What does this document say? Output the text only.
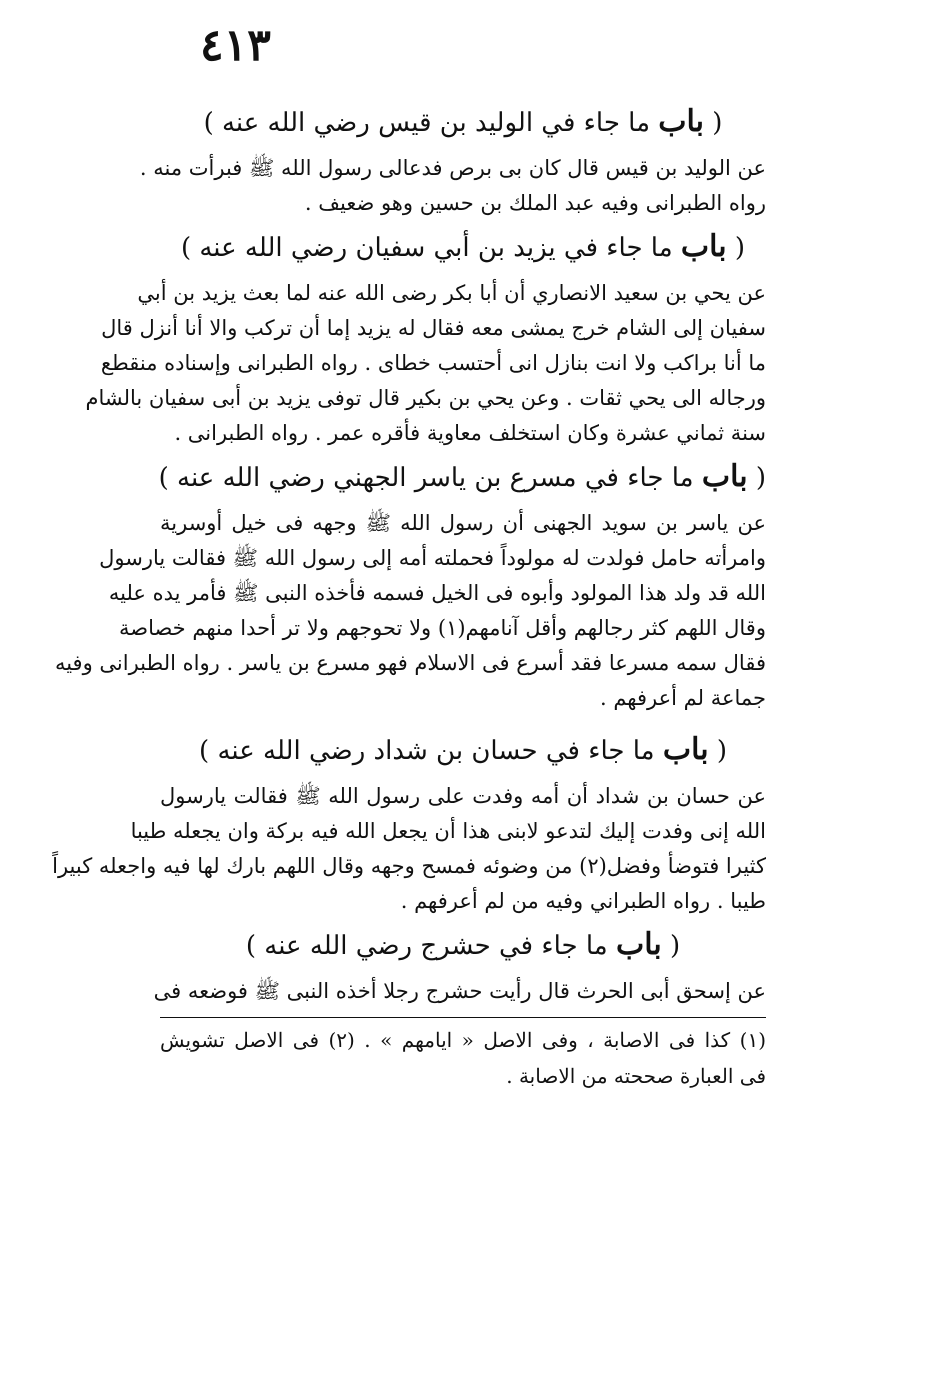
٤١٣
( باب ما جاء في الوليد بن قيس رضي الله عنه )
عن الوليد بن قيس قال كان بى برص فدعالى رسول الله ﷺ فبرأت منه .
رواه الطبرانى وفيه عبد الملك بن حسين وهو ضعيف .
( باب ما جاء في يزيد بن أبي سفيان رضي الله عنه )
عن يحي بن سعيد الانصاري أن أبا بكر رضى الله عنه لما بعث يزيد بن أبي
سفيان إلى الشام خرج يمشى معه فقال له يزيد إما أن تركب والا أنا أنزل قال
ما أنا براكب ولا انت بنازل انى أحتسب خطاى . رواه الطبرانى وإسناده منقطع
ورجاله الى يحي ثقات . وعن يحي بن بكير قال توفى يزيد بن أبى سفيان بالشام
سنة ثماني عشرة وكان استخلف معاوية فأقره عمر . رواه الطبرانى .
( باب ما جاء في مسرع بن ياسر الجهني رضي الله عنه )
عن ياسر بن سويد الجهنى أن رسول الله ﷺ وجهه فى خيل أوسرية
وامرأته حامل فولدت له مولوداً فحملته أمه إلى رسول الله ﷺ فقالت يارسول
الله قد ولد هذا المولود وأبوه فى الخيل فسمه فأخذه النبى ﷺ فأمر يده عليه
وقال اللهم كثر رجالهم وأقل آنامهم(١) ولا تحوجهم ولا تر أحدا منهم خصاصة
فقال سمه مسرعا فقد أسرع فى الاسلام فهو مسرع بن ياسر . رواه الطبرانى وفيه
جماعة لم أعرفهم .
( باب ما جاء في حسان بن شداد رضي الله عنه )
عن حسان بن شداد أن أمه وفدت على رسول الله ﷺ فقالت يارسول
الله إنى وفدت إليك لتدعو لابنى هذا أن يجعل الله فيه بركة وان يجعله طيبا
كثيرا فتوضأ وفضل(٢) من وضوئه فمسح وجهه وقال اللهم بارك لها فيه واجعله كبيراً
طيبا . رواه الطبراني وفيه من لم أعرفهم .
( باب ما جاء في حشرج رضي الله عنه )
عن إسحق أبى الحرث قال رأيت حشرج رجلا أخذه النبى ﷺ فوضعه فى
(١) كذا فى الاصابة ، وفى الاصل « ايامهم » . (٢) فى الاصل تشويش
فى العبارة صححته من الاصابة .
